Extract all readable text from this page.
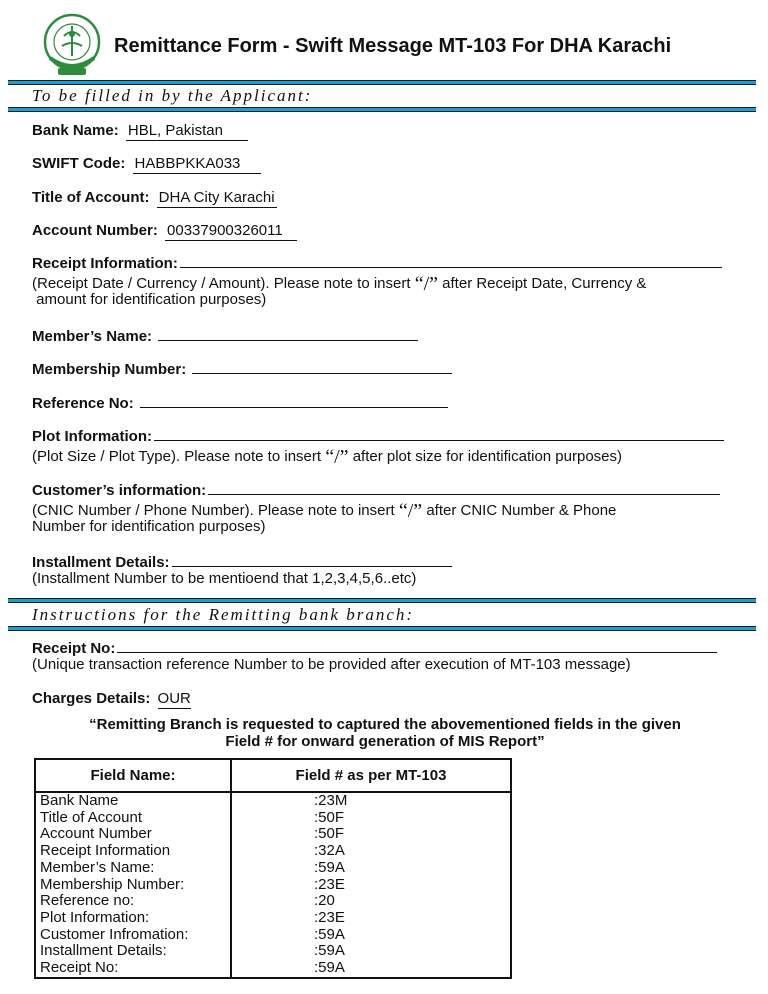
Remittance Form - Swift Message MT-103 For DHA Karachi
To be filled in by the Applicant:
Bank Name: HBL, Pakistan
SWIFT Code: HABBPKKA033
Title of Account: DHA City Karachi
Account Number: 00337900326011
Receipt Information:
(Receipt Date / Currency / Amount). Please note to insert “/” after Receipt Date, Currency &
amount for identification purposes)
Member’s Name:
Membership Number:
Reference No:
Plot Information:
(Plot Size / Plot Type). Please note to insert “/” after plot size for identification purposes)
Customer’s information:
(CNIC Number / Phone Number). Please note to insert “/” after CNIC Number & Phone
Number for identification purposes)
Installment Details:
(Installment Number to be mentioend that 1,2,3,4,5,6..etc)
Instructions for the Remitting bank branch:
Receipt No:
(Unique transaction reference Number to be provided after execution of MT-103 message)
Charges Details: OUR
“Remitting Branch is requested to captured the abovementioned fields in the given
Field # for onward generation of MIS Report”
Field Name:	Field # as per MT-103
Bank Name	:23M
Title of Account	:50F
Account Number	:50F
Receipt Information	:32A
Member’s Name:	:59A
Membership Number:	:23E
Reference no:	:20
Plot Information:	:23E
Customer Infromation:	:59A
Installment Details:	:59A
Receipt No:	:59A
